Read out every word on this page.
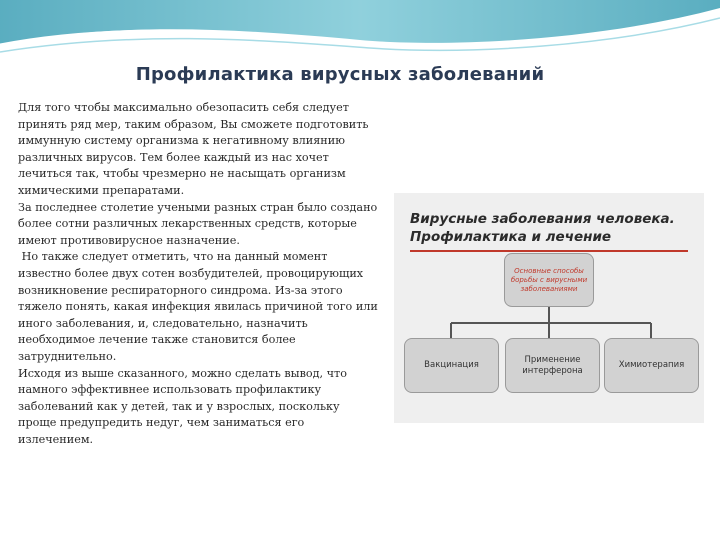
Профилактика вирусных заболеваний

Для того чтобы максимально обезопасить себя следует принять ряд мер, таким образом, Вы сможете подготовить иммунную систему организма к негативному влиянию различных вирусов. Тем более каждый из нас хочет лечиться так, чтобы чрезмерно не насыщать организм химическими препаратами.

За последнее столетие учеными разных стран было создано более сотни различных лекарственных средств, которые имеют противовирусное назначение.

Но также следует отметить, что на данный момент известно более двух сотен возбудителей, провоцирующих возникновение респираторного синдрома. Из-за этого тяжело понять, какая инфекция явилась причиной того или иного заболевания, и, следовательно, назначить необходимое лечение также становится более затруднительно.

Исходя из выше сказанного, можно сделать вывод, что намного эффективнее использовать профилактику заболеваний как у детей, так и у взрослых, поскольку проще предупредить недуг, чем заниматься его излечением.

Вирусные заболевания человека.
Профилактика и лечение
Основные способы борьбы с вирусными заболеваниями
Вакцинация
Применение интерферона
Химиотерапия
